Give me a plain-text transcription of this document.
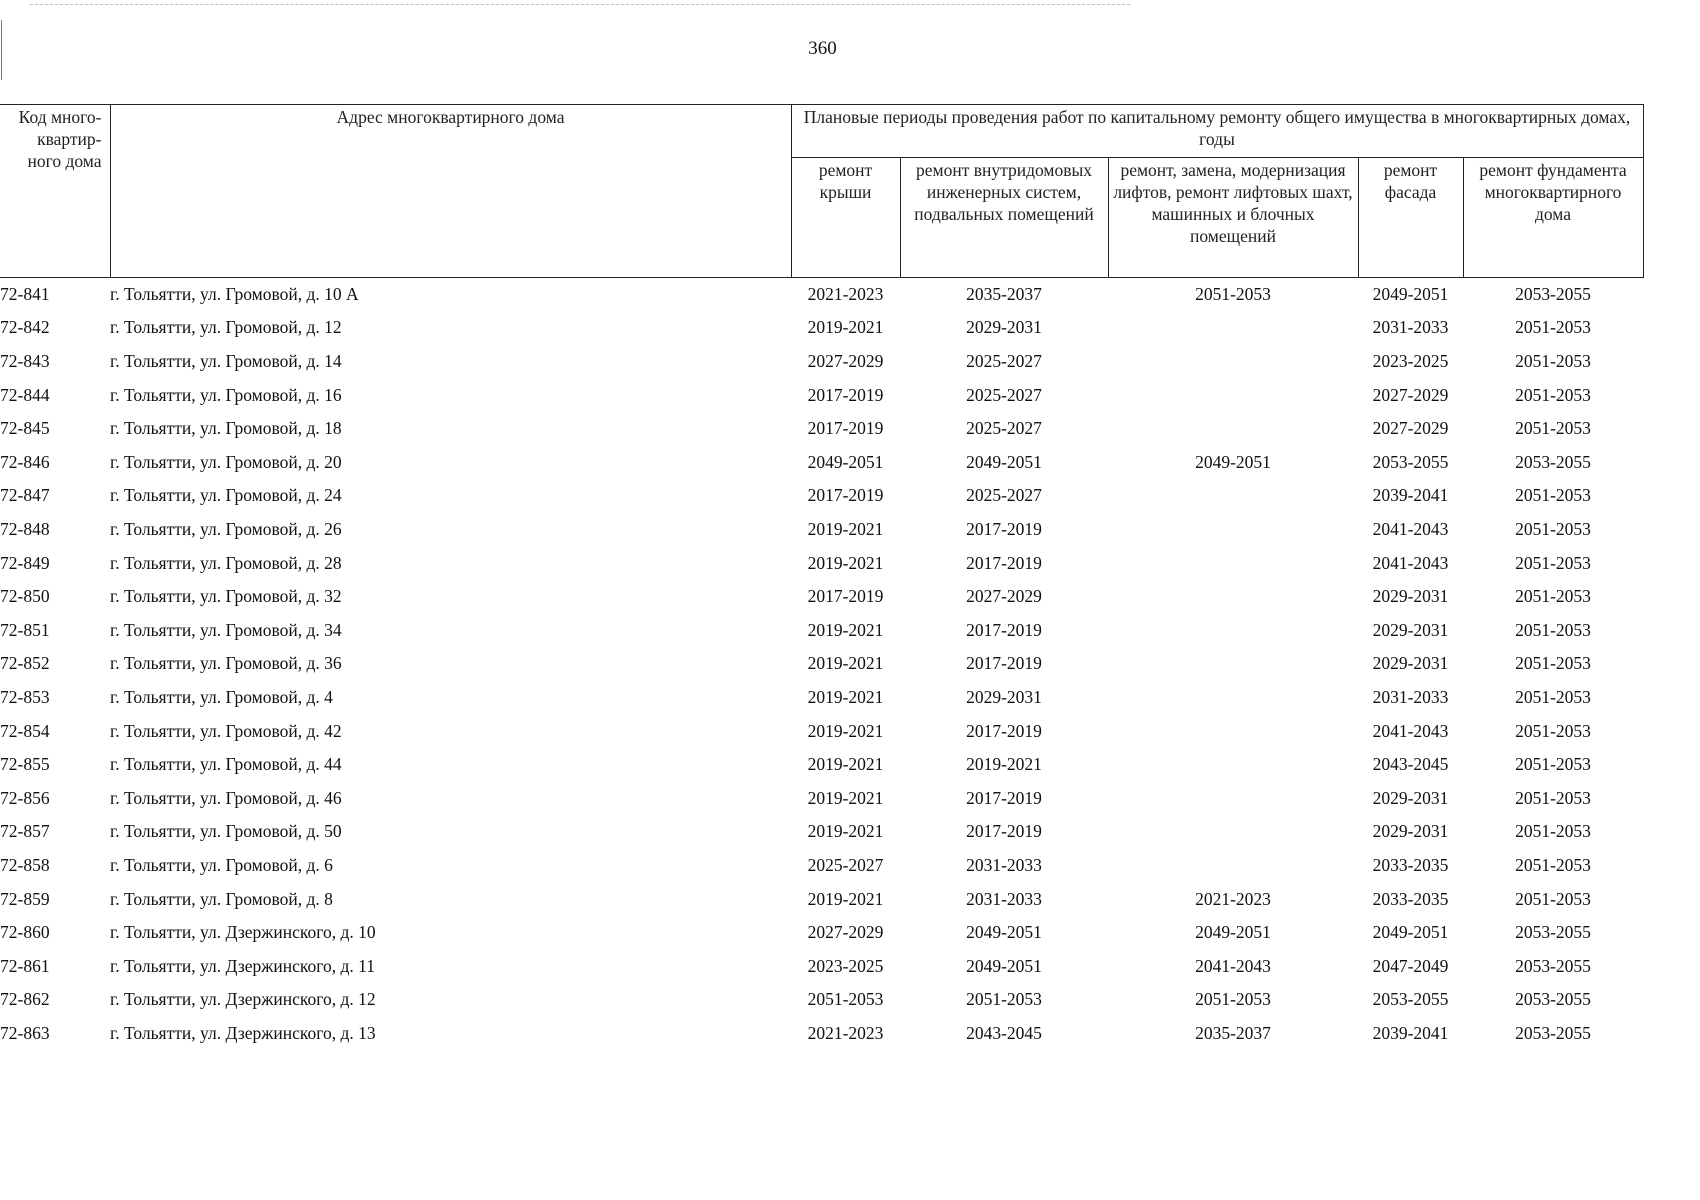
360
Код много-
квартир-
ного дома	Адрес многоквартирного дома	Плановые периоды проведения работ по капитальному ремонту общего имущества в многоквартирных домах, годы				
		ремонт крыши	ремонт внутридомовых инженерных систем, подвальных помещений	ремонт, замена, модернизация лифтов, ремонт лифтовых шахт, машинных и блочных помещений	ремонт фасада	ремонт фундамента многоквартирного дома
72-841	г. Тольятти, ул. Громовой, д. 10 А	2021-2023	2035-2037	2051-2053	2049-2051	2053-2055
72-842	г. Тольятти, ул. Громовой, д. 12	2019-2021	2029-2031		2031-2033	2051-2053
72-843	г. Тольятти, ул. Громовой, д. 14	2027-2029	2025-2027		2023-2025	2051-2053
72-844	г. Тольятти, ул. Громовой, д. 16	2017-2019	2025-2027		2027-2029	2051-2053
72-845	г. Тольятти, ул. Громовой, д. 18	2017-2019	2025-2027		2027-2029	2051-2053
72-846	г. Тольятти, ул. Громовой, д. 20	2049-2051	2049-2051	2049-2051	2053-2055	2053-2055
72-847	г. Тольятти, ул. Громовой, д. 24	2017-2019	2025-2027		2039-2041	2051-2053
72-848	г. Тольятти, ул. Громовой, д. 26	2019-2021	2017-2019		2041-2043	2051-2053
72-849	г. Тольятти, ул. Громовой, д. 28	2019-2021	2017-2019		2041-2043	2051-2053
72-850	г. Тольятти, ул. Громовой, д. 32	2017-2019	2027-2029		2029-2031	2051-2053
72-851	г. Тольятти, ул. Громовой, д. 34	2019-2021	2017-2019		2029-2031	2051-2053
72-852	г. Тольятти, ул. Громовой, д. 36	2019-2021	2017-2019		2029-2031	2051-2053
72-853	г. Тольятти, ул. Громовой, д. 4	2019-2021	2029-2031		2031-2033	2051-2053
72-854	г. Тольятти, ул. Громовой, д. 42	2019-2021	2017-2019		2041-2043	2051-2053
72-855	г. Тольятти, ул. Громовой, д. 44	2019-2021	2019-2021		2043-2045	2051-2053
72-856	г. Тольятти, ул. Громовой, д. 46	2019-2021	2017-2019		2029-2031	2051-2053
72-857	г. Тольятти, ул. Громовой, д. 50	2019-2021	2017-2019		2029-2031	2051-2053
72-858	г. Тольятти, ул. Громовой, д. 6	2025-2027	2031-2033		2033-2035	2051-2053
72-859	г. Тольятти, ул. Громовой, д. 8	2019-2021	2031-2033	2021-2023	2033-2035	2051-2053
72-860	г. Тольятти, ул. Дзержинского, д. 10	2027-2029	2049-2051	2049-2051	2049-2051	2053-2055
72-861	г. Тольятти, ул. Дзержинского, д. 11	2023-2025	2049-2051	2041-2043	2047-2049	2053-2055
72-862	г. Тольятти, ул. Дзержинского, д. 12	2051-2053	2051-2053	2051-2053	2053-2055	2053-2055
72-863	г. Тольятти, ул. Дзержинского, д. 13	2021-2023	2043-2045	2035-2037	2039-2041	2053-2055
